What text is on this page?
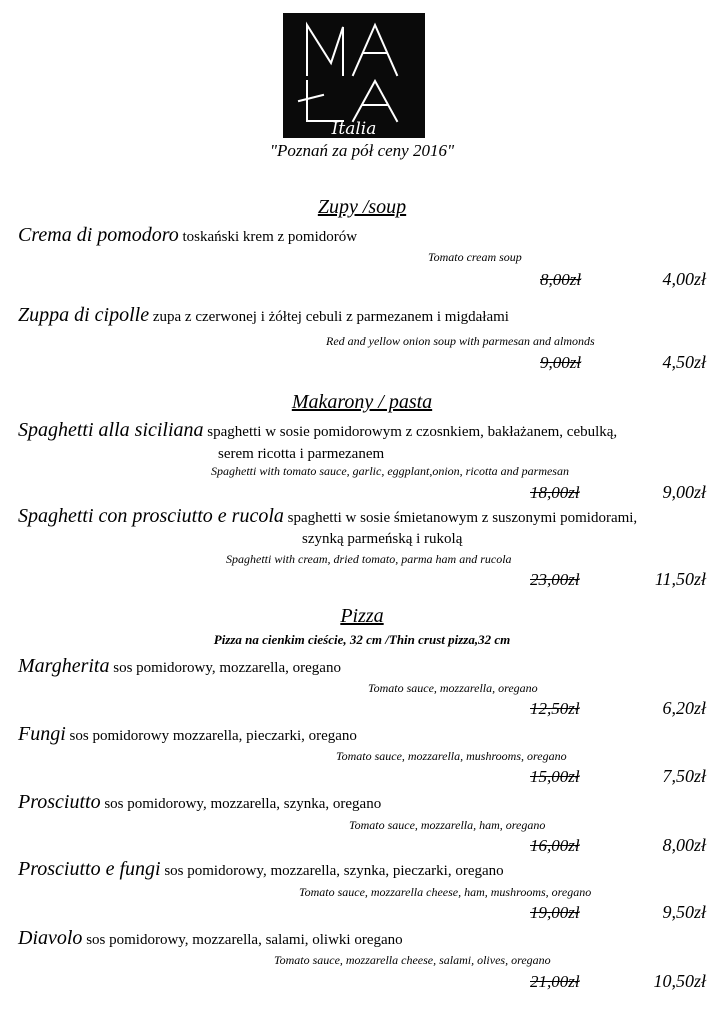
Italia
"Poznań za pół ceny 2016"
Zupy /soup
Crema di pomodoro toskański krem z pomidorów
Tomato cream soup
8,00zł	4,00zł
Zuppa di cipolle zupa z czerwonej i żółtej cebuli z parmezanem i migdałami
Red and yellow onion soup with parmesan and almonds
9,00zł	4,50zł
Makarony / pasta
Spaghetti alla siciliana spaghetti w sosie pomidorowym z czosnkiem, bakłażanem, cebulką,
serem ricotta i parmezanem
Spaghetti with tomato sauce, garlic, eggplant,onion, ricotta and parmesan
18,00zł	9,00zł
Spaghetti con prosciutto e rucola spaghetti w sosie śmietanowym z suszonymi pomidorami,
szynką parmeńską i rukolą
Spaghetti with cream, dried tomato, parma ham and rucola
23,00zł	11,50zł
Pizza
Pizza na cienkim cieście, 32 cm /Thin crust pizza,32 cm
Margherita sos pomidorowy, mozzarella, oregano
Tomato sauce, mozzarella, oregano
12,50zł	6,20zł
Fungi sos pomidorowy mozzarella, pieczarki, oregano
Tomato sauce, mozzarella, mushrooms, oregano
15,00zł	7,50zł
Prosciutto sos pomidorowy, mozzarella, szynka, oregano
Tomato sauce, mozzarella, ham, oregano
16,00zł	8,00zł
Prosciutto e fungi sos pomidorowy, mozzarella, szynka, pieczarki, oregano
Tomato sauce, mozzarella cheese, ham, mushrooms, oregano
19,00zł	9,50zł
Diavolo sos pomidorowy, mozzarella, salami, oliwki oregano
Tomato sauce, mozzarella cheese, salami, olives, oregano
21,00zł	10,50zł
